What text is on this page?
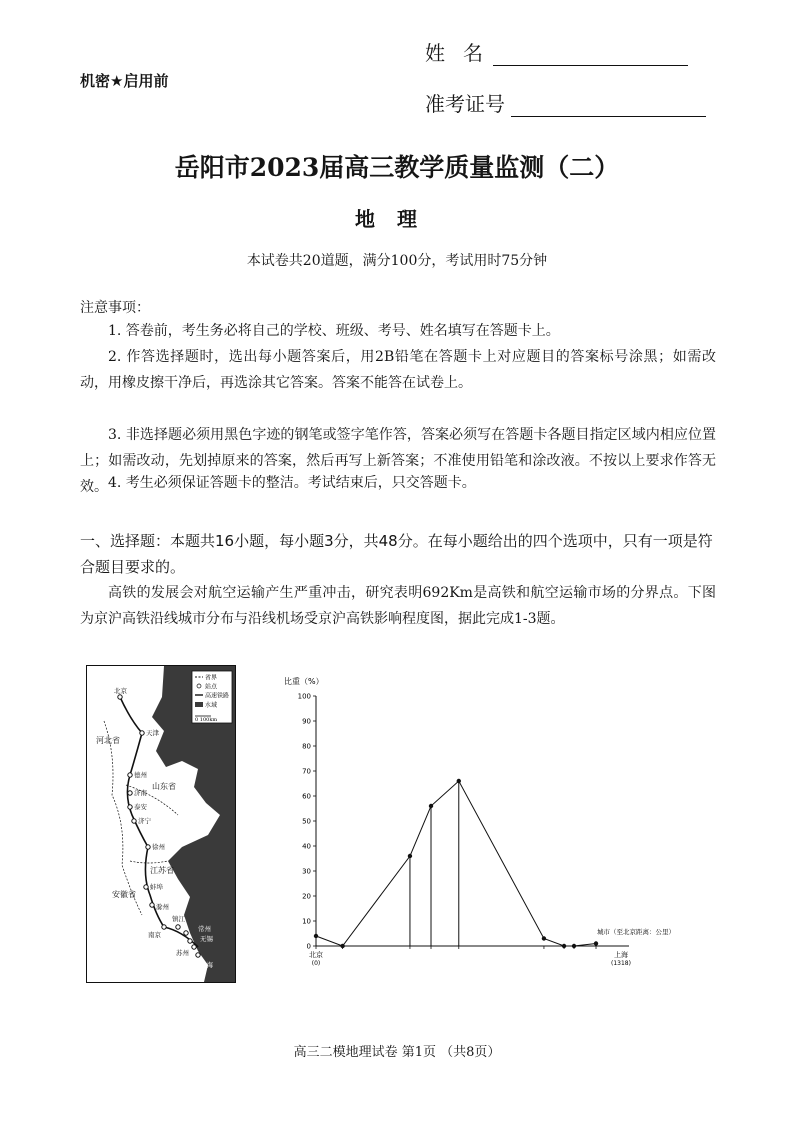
机密★启用前
姓名
准考证号
岳阳市2023届高三教学质量监测（二）
地理
本试卷共20道题，满分100分，考试用时75分钟
注意事项：
1. 答卷前，考生务必将自己的学校、班级、考号、姓名填写在答题卡上。
2. 作答选择题时，选出每小题答案后，用2B铅笔在答题卡上对应题目的答案标号涂黑；如需改动，用橡皮擦干净后，再选涂其它答案。答案不能答在试卷上。
3. 非选择题必须用黑色字迹的钢笔或签字笔作答，答案必须写在答题卡各题目指定区域内相应位置上；如需改动，先划掉原来的答案，然后再写上新答案；不准使用铅笔和涂改液。不按以上要求作答无效。 4. 考生必须保证答题卡的整洁。考试结束后，只交答题卡。
一、选择题：本题共16小题，每小题3分，共48分。在每小题给出的四个选项中，只有一项是符合题目要求的。
高铁的发展会对航空运输产生严重冲击，研究表明692Km是高铁和航空运输市场的分界点。下图为京沪高铁沿线城市分布与沿线机场受京沪高铁影响程度图，据此完成1-3题。
省界
站点
高速铁路
水域
0 100km
北京
天津
河北省
山东省
江苏省
安徽省
德州
济南
泰安
济宁
徐州
蚌埠
滁州
南京
镇江
常州
无锡
苏州
上海
比重（%）
0
10
20
30
40
50
60
70
80
90
100
北京
(0)
上海
(1318)
城市（至北京距离：公里）
高三二模地理试卷 第1页 （共8页）
